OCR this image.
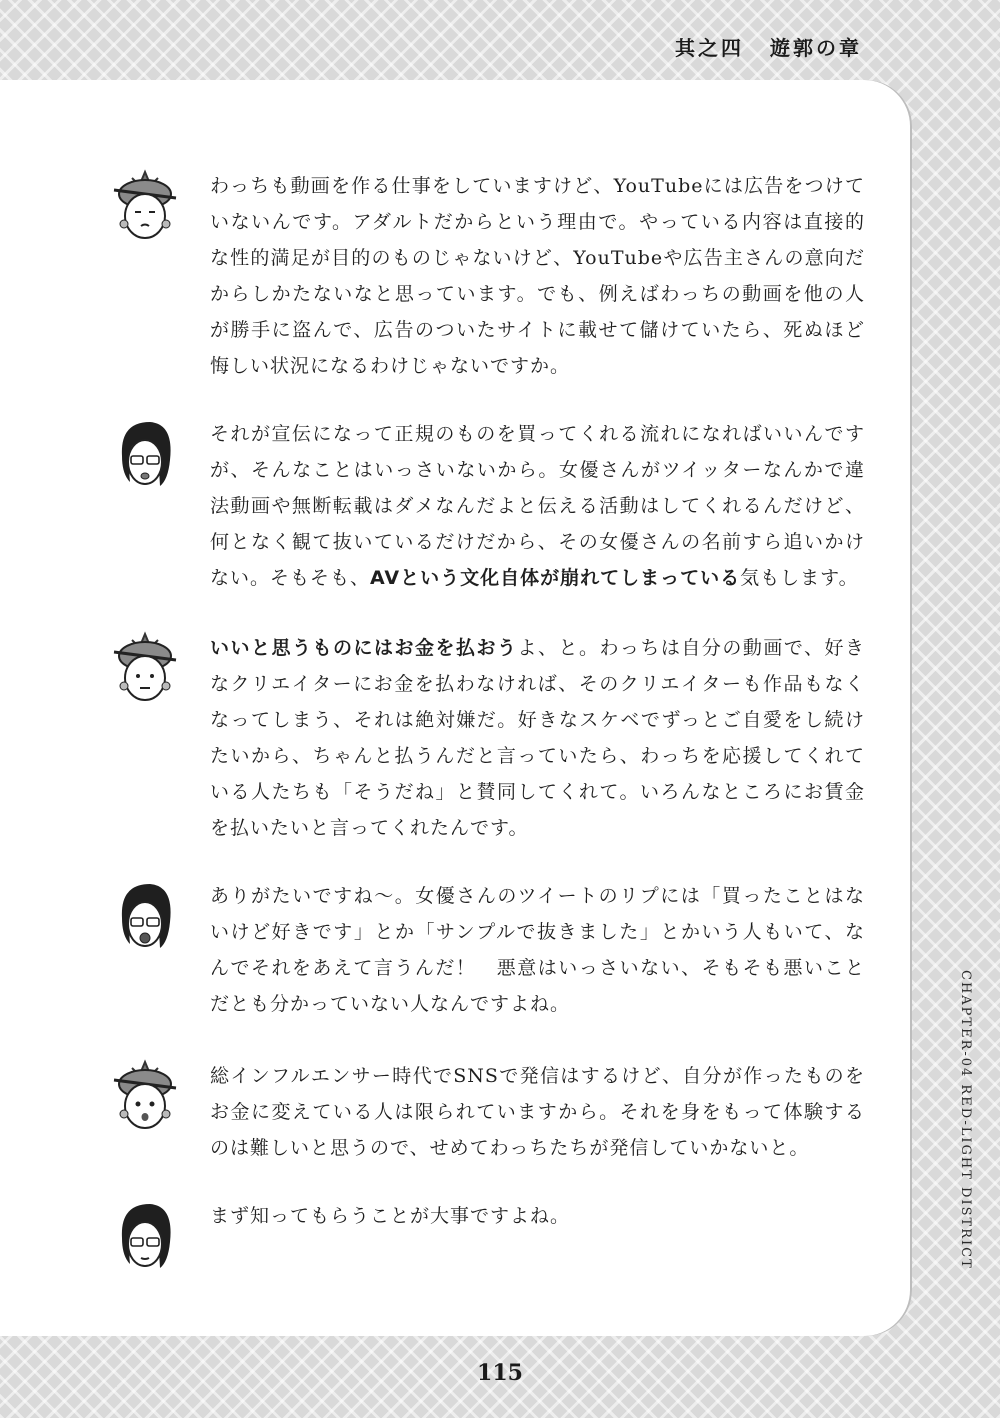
其之四 遊郭の章
わっちも動画を作る仕事をしていますけど、YouTubeには広告をつけていないんです。アダルトだからという理由で。やっている内容は直接的な性的満足が目的のものじゃないけど、YouTubeや広告主さんの意向だからしかたないなと思っています。でも、例えばわっちの動画を他の人が勝手に盗んで、広告のついたサイトに載せて儲けていたら、死ぬほど悔しい状況になるわけじゃないですか。
それが宣伝になって正規のものを買ってくれる流れになればいいんですが、そんなことはいっさいないから。女優さんがツイッターなんかで違法動画や無断転載はダメなんだよと伝える活動はしてくれるんだけど、何となく観て抜いているだけだから、その女優さんの名前すら追いかけない。そもそも、AVという文化自体が崩れてしまっている気もします。
いいと思うものにはお金を払おうよ、と。わっちは自分の動画で、好きなクリエイターにお金を払わなければ、そのクリエイターも作品もなくなってしまう、それは絶対嫌だ。好きなスケベでずっとご自愛をし続けたいから、ちゃんと払うんだと言っていたら、わっちを応援してくれている人たちも「そうだね」と賛同してくれて。いろんなところにお賃金を払いたいと言ってくれたんです。
ありがたいですね〜。女優さんのツイートのリプには「買ったことはないけど好きです」とか「サンプルで抜きました」とかいう人もいて、なんでそれをあえて言うんだ！　悪意はいっさいない、そもそも悪いことだとも分かっていない人なんですよね。
総インフルエンサー時代でSNSで発信はするけど、自分が作ったものをお金に変えている人は限られていますから。それを身をもって体験するのは難しいと思うので、せめてわっちたちが発信していかないと。
まず知ってもらうことが大事ですよね。	CHAPTER-04 RED-LIGHT DISTRICT
115
